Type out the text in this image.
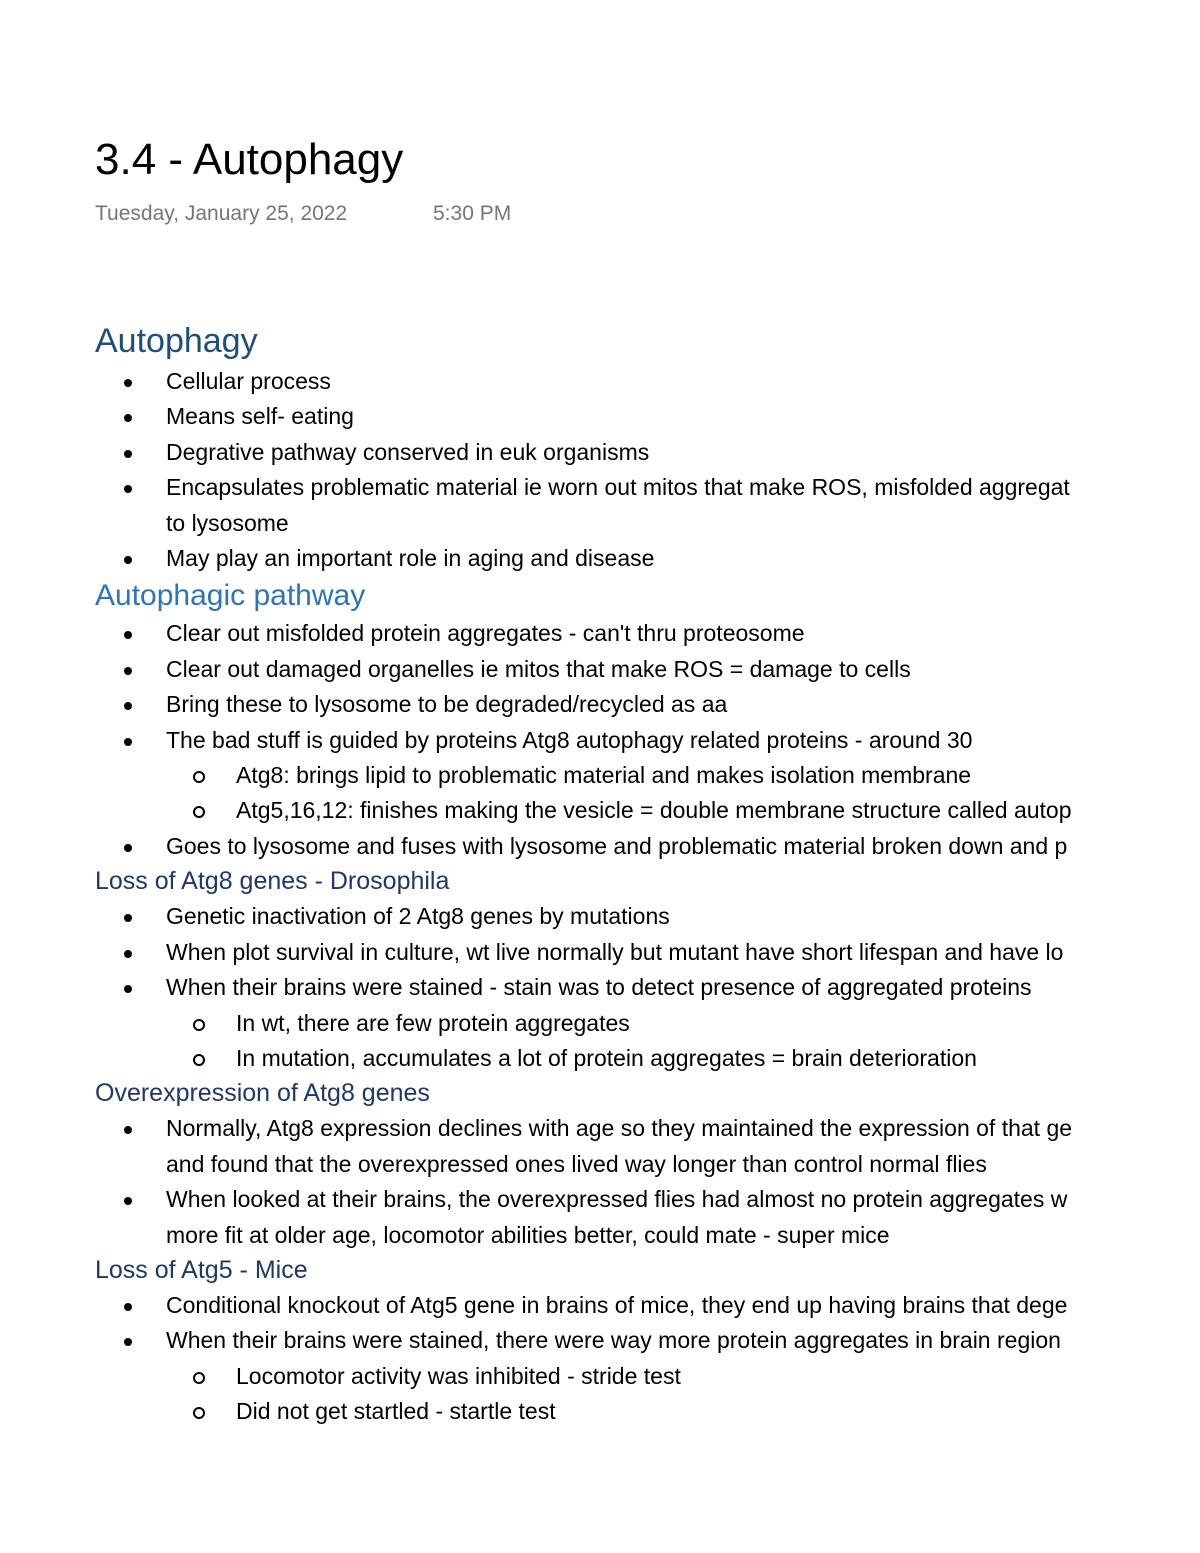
3.4 - Autophagy
Tuesday, January 25, 2022	5:30 PM
Autophagy
Cellular process
Means self- eating
Degrative pathway conserved in euk organisms
Encapsulates problematic material ie worn out mitos that make ROS, misfolded aggregat
to lysosome
May play an important role in aging and disease
Autophagic pathway
Clear out misfolded protein aggregates - can't thru proteosome
Clear out damaged organelles ie mitos that make ROS = damage to cells
Bring these to lysosome to be degraded/recycled as aa
The bad stuff is guided by proteins Atg8 autophagy related proteins - around 30
Atg8: brings lipid to problematic material and makes isolation membrane
Atg5,16,12: finishes making the vesicle = double membrane structure called autop
Goes to lysosome and fuses with lysosome and problematic material broken down and p
Loss of Atg8 genes - Drosophila
Genetic inactivation of 2 Atg8 genes by mutations
When plot survival in culture, wt live normally but mutant have short lifespan and have lo
When their brains were stained - stain was to detect presence of aggregated proteins
In wt, there are few protein aggregates
In mutation, accumulates a lot of protein aggregates = brain deterioration
Overexpression of Atg8 genes
Normally, Atg8 expression declines with age so they maintained the expression of that ge
and found that the overexpressed ones lived way longer than control normal flies
When looked at their brains, the overexpressed flies had almost no protein aggregates w
more fit at older age, locomotor abilities better, could mate - super mice
Loss of Atg5 - Mice
Conditional knockout of Atg5 gene in brains of mice, they end up having brains that dege
When their brains were stained, there were way more protein aggregates in brain region
Locomotor activity was inhibited - stride test
Did not get startled - startle test
